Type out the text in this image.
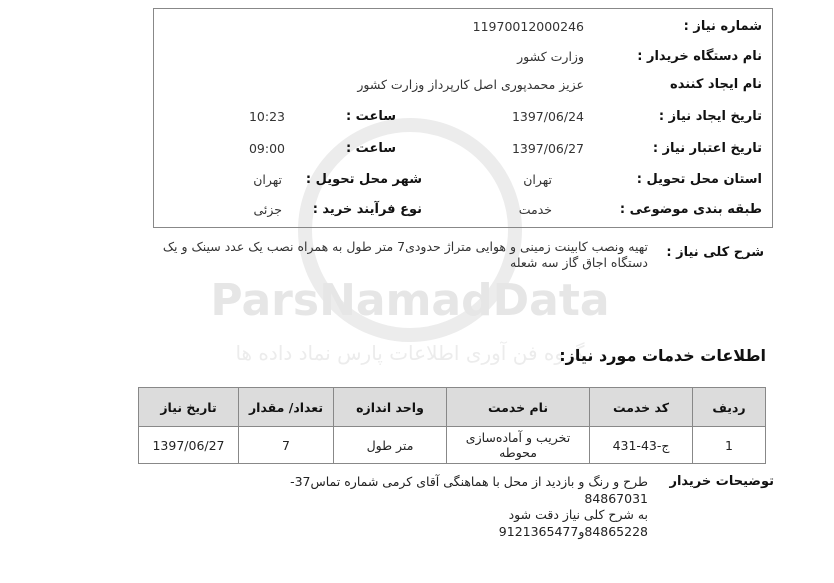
ParsNamadData
گروه فن آوری اطلاعات پارس نماد داده ها
شماره نیاز :
11970012000246
نام دستگاه خریدار :
وزارت کشور
نام ایجاد کننده
عزیز محمدپوری اصل کارپرداز وزارت کشور
تاریخ ایجاد نیاز :
1397/06/24
ساعت :
10:23
تاریخ اعتبار نیاز :
1397/06/27
ساعت :
09:00
استان محل تحویل :
تهران
شهر محل تحویل :
تهران
طبقه بندی موضوعی :
خدمت
نوع فرآیند خرید :
جزئی
شرح کلی نیاز :
تهیه ونصب کابینت زمینی و هوایی متراژ حدودی7 متر طول به همراه نصب یک عدد سینک و یک دستگاه اجاق گاز سه شعله
اطلاعات خدمات مورد نیاز:
ردیف	کد خدمت	نام خدمت	واحد اندازه	تعداد/ مقدار	تاریخ نیاز
1	ج-43-431	تخریب و آماده‌سازی محوطه	متر طول	7	1397/06/27
توضیحات خریدار
طرح و رنگ و بازدید از محل با هماهنگی آقای کرمی شماره تماس37-84867031
به شرح کلی نیاز دقت شود
84865228و9121365477
